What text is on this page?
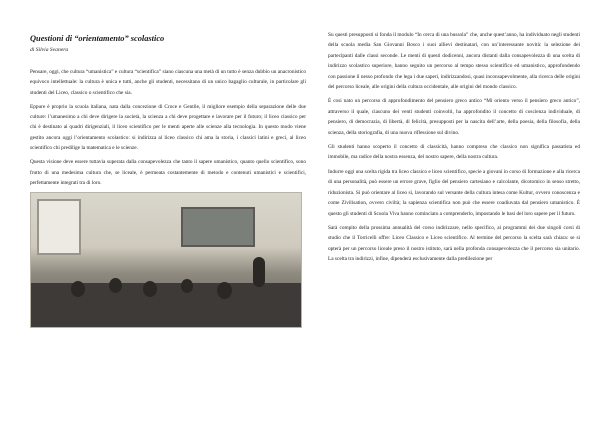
Questioni di “orientamento” scolastico
di Silvia Svanera

Pensare, oggi, che cultura “umanistica” e cultura “scientifica” siano ciascuna una metà di un tutto è senza dubbio un anacronistico equivoco intellettuale: la cultura è unica e tutti, anche gli studenti, necessitano di un unico bagaglio culturale, in particolare gli studenti del Liceo, classico o scientifico che sia.

Eppure è proprio la scuola italiana, nata dalla concezione di Croce e Gentile, il migliore esempio della separazione delle due culture: l’umanesimo a chi deve dirigere la società, la scienza a chi deve progettare e lavorare per il futuro; il liceo classico per chi è destinato ai quadri dirigenziali, il liceo scientifico per le menti aperte alle scienze alla tecnologia. In questo modo viene gestito ancora oggi l’orientamento scolastico: si indirizza al liceo classico chi ama la storia, i classici latini e greci, al liceo scientifico chi predilige la matematica e le scienze.

Questa visione deve essere tuttavia superata dalla consapevolezza che tanto il sapere umanistico, quanto quello scientifico, sono frutto di una medesima cultura che, se liceale, è permeata costantemente di metodo e contenuti umanistici e scientifici, perfettamente integrati tra di loro.

Su questi presupposti si fonda il modulo “In cerca di una bussola” che, anche quest’anno, ha individuato negli studenti della scuola media San Giovanni Bosco i suoi allievi destinatari, con un’interessante novità: la selezione dei partecipanti dalle classi seconde. Le menti di questi dodicenni, ancora distanti dalla consapevolezza di una scelta di indirizzo scolastico superiore, hanno seguito un percorso al tempo stesso scientifico ed umanistico, approfondendo con passione il nesso profondo che lega i due saperi, indirizzandosi, quasi inconsapevolmente, alla ricerca delle origini del percorso liceale, alle origini della cultura occidentale, alle origini del mondo classico.

È cosi nato un percorso di approfondimento del pensiero greco antico “Mi oriento verso il pensiero greco antico”, attraverso il quale, ciascuno dei venti studenti coinvolti, ha approfondito il concetto di coscienza individuale, di pensiero, di democrazia, di libertà, di felicità, presupposti per la nascita dell’arte, della poesia, della filosofia, della scienza, della storiografia, di una nuova riflessione sul divino.

Gli studenti hanno scoperto il concetto di classicità, hanno compreso che classico non significa passatista ed immobile, ma radice della nostra essenza, del nostro sapere, della nostra cultura.

Indurre oggi una scelta rigida tra liceo classico e liceo scientifico, specie a giovani in corso di formazione e alla ricerca di una personalità, può essere un errore grave, figlio del pensiero cartesiano e calcolante, dicotomico in senso stretto, riduzionista. Si può orientare al liceo sì, lavorando sul versante della cultura intesa come Kultur, ovvero conoscenza e come Zivilisation, ovvero civiltà; la sapienza scientifica non può che essere coadiuvata dal pensiero umanistico. È questo gli studenti di Scuola Viva hanno cominciato a comprenderlo, impostando le basi del loro sapere per il futuro.

Sarà compito della prossima annualità del corso indirizzare, nello specifico, ai programmi dei due singoli corsi di studio che il Torricelli offre: Liceo Classico e Liceo scientifico. Al termine del percorso la scelta sarà chiara: se si opterà per un percorso liceale preso il nostro istituto, sarà nella profonda consapevolezza che il percorso sia unitario. La scelta tra indirizzi, infine, dipenderà esclusivamente dalla predilezione per
